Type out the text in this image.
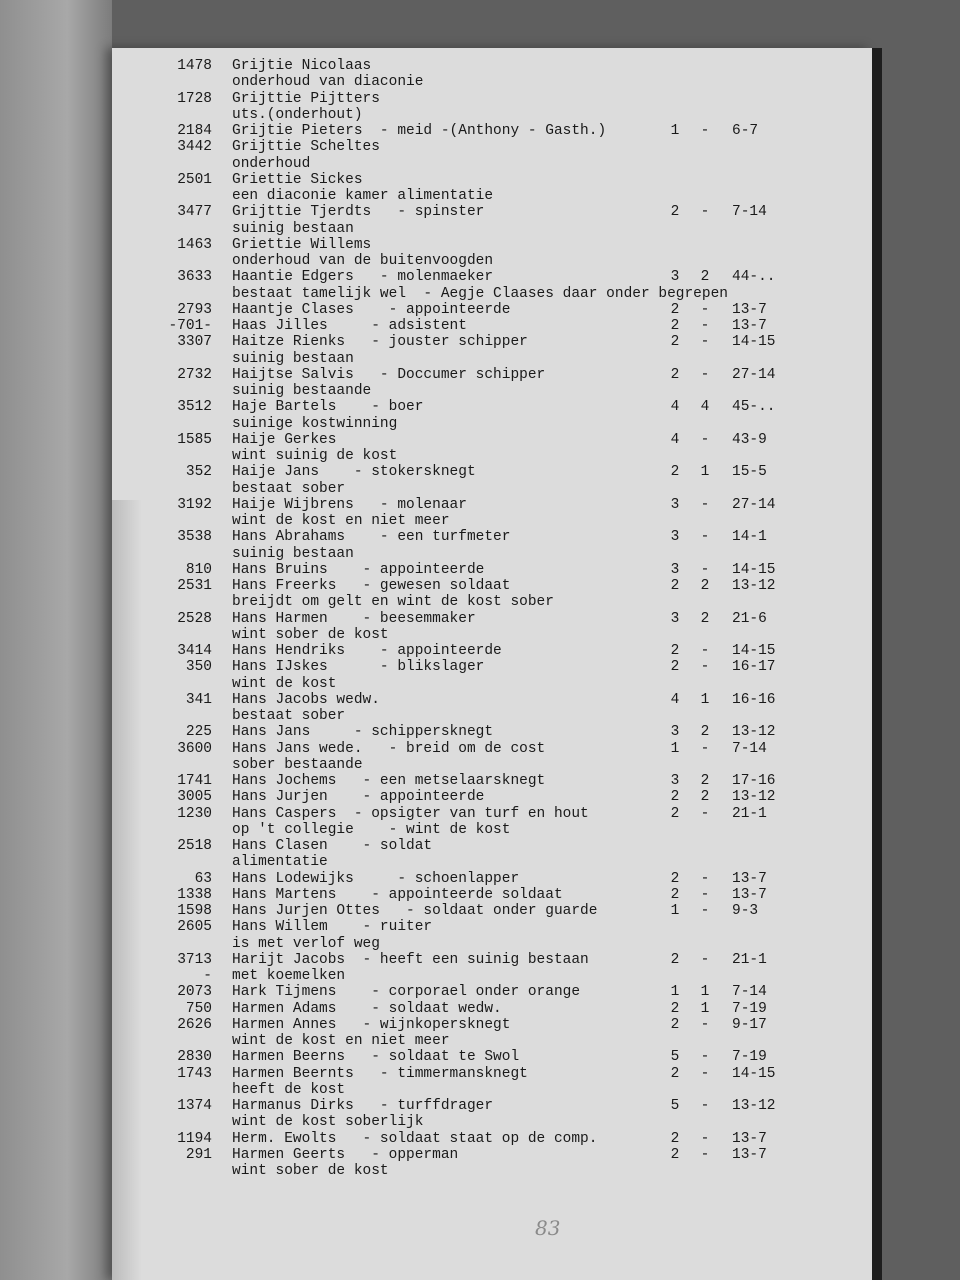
1478 Grijtie Nicolaas
onderhoud van diaconie
1728 Grijttie Pijtters
uts.(onderhout)
2184 Grijtie Pieters  - meid -(Anthony - Gasth.)	1 - 6-7
3442 Grijttie Scheltes
onderhoud
2501 Griettie Sickes
een diaconie kamer alimentatie
3477 Grijttie Tjerdts   - spinster	2 - 7-14
suinig bestaan
1463 Griettie Willems
onderhoud van de buitenvoogden
3633 Haantie Edgers   - molenmaeker	3 2 44-..
bestaat tamelijk wel  - Aegje Claases daar onder begrepen
2793 Haantje Clases    - appointeerde	2 - 13-7
-701- Haas Jilles     - adsistent	2 - 13-7
3307 Haitze Rienks   - jouster schipper	2 - 14-15
suinig bestaan
2732 Haijtse Salvis   - Doccumer schipper	2 - 27-14
suinig bestaande
3512 Haje Bartels    - boer	4 4 45-..
suinige kostwinning
1585 Haije Gerkes	4 - 43-9
wint suinig de kost
352 Haije Jans    - stokersknegt	2 1 15-5
bestaat sober
3192 Haije Wijbrens   - molenaar	3 - 27-14
wint de kost en niet meer
3538 Hans Abrahams    - een turfmeter	3 - 14-1
suinig bestaan
810 Hans Bruins    - appointeerde	3 - 14-15
2531 Hans Freerks   - gewesen soldaat	2 2 13-12
breijdt om gelt en wint de kost sober
2528 Hans Harmen    - beesemmaker	3 2 21-6
wint sober de kost
3414 Hans Hendriks    - appointeerde	2 - 14-15
350 Hans IJskes      - blikslager	2 - 16-17
wint de kost
341 Hans Jacobs wedw.	4 1 16-16
bestaat sober
225 Hans Jans     - schippersknegt	3 2 13-12
3600 Hans Jans wede.   - breid om de cost	1 - 7-14
sober bestaande
1741 Hans Jochems   - een metselaarsknegt	3 2 17-16
3005 Hans Jurjen    - appointeerde	2 2 13-12
1230 Hans Caspers  - opsigter van turf en hout	2 - 21-1
op 't collegie    - wint de kost
2518 Hans Clasen    - soldat
alimentatie
63 Hans Lodewijks     - schoenlapper	2 - 13-7
1338 Hans Martens    - appointeerde soldaat	2 - 13-7
1598 Hans Jurjen Ottes   - soldaat onder guarde	1 - 9-3
2605 Hans Willem    - ruiter
is met verlof weg
3713 Harijt Jacobs  - heeft een suinig bestaan	2 - 21-1
- met koemelken
2073 Hark Tijmens    - corporael onder orange	1 1 7-14
750 Harmen Adams    - soldaat wedw.	2 1 7-19
2626 Harmen Annes   - wijnkopersknegt	2 - 9-17
wint de kost en niet meer
2830 Harmen Beerns   - soldaat te Swol	5 - 7-19
1743 Harmen Beernts   - timmermansknegt	2 - 14-15
heeft de kost
1374 Harmanus Dirks   - turffdrager	5 - 13-12
wint de kost soberlijk
1194 Herm. Ewolts   - soldaat staat op de comp.	2 - 13-7
291 Harmen Geerts   - opperman	2 - 13-7
wint sober de kost
83
